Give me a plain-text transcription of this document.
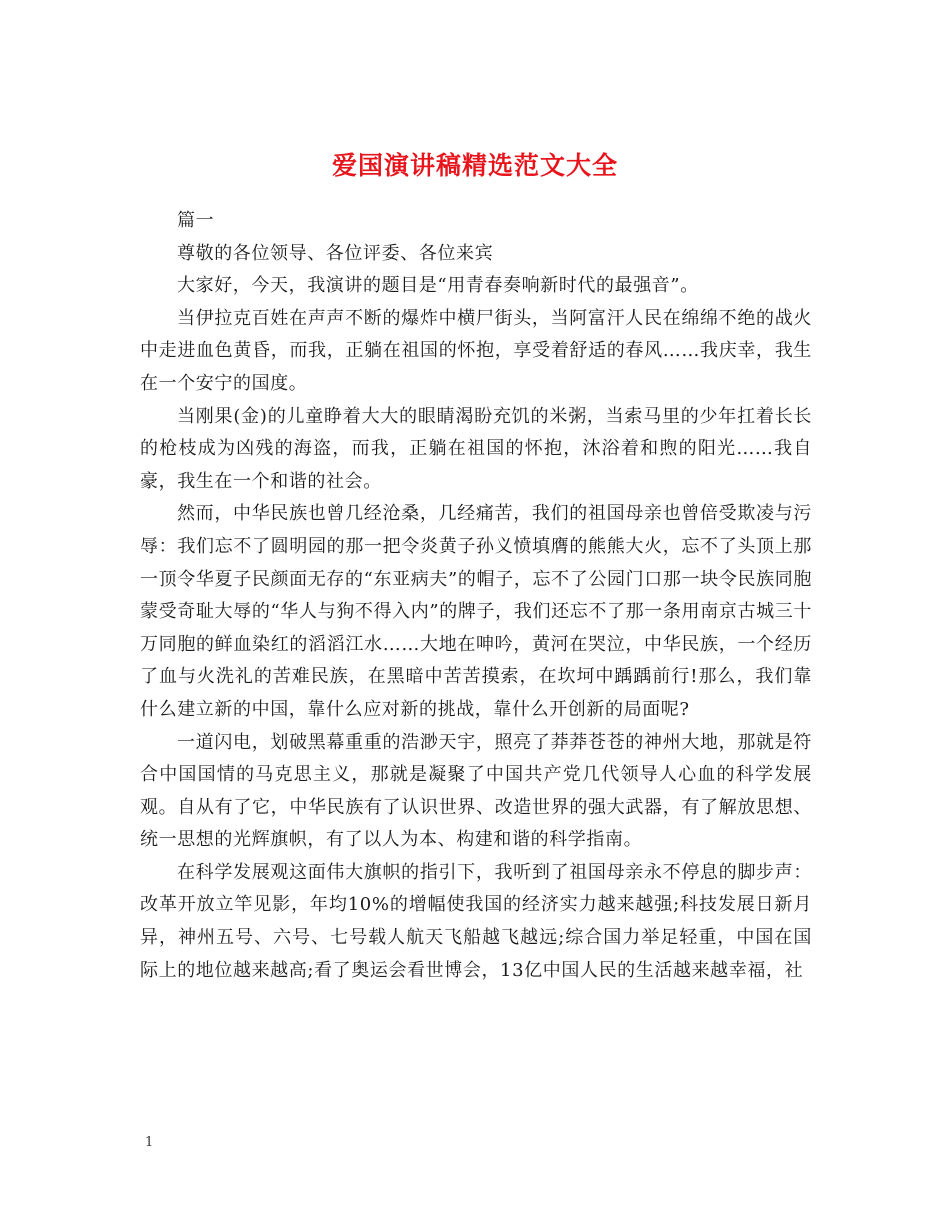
爱国演讲稿精选范文大全

篇一

尊敬的各位领导、各位评委、各位来宾

大家好，今天，我演讲的题目是“用青春奏响新时代的最强音”。

当伊拉克百姓在声声不断的爆炸中横尸街头，当阿富汗人民在绵绵不绝的战火中走进血色黄昏，而我，正躺在祖国的怀抱，享受着舒适的春风……我庆幸，我生在一个安宁的国度。

当刚果(金)的儿童睁着大大的眼睛渴盼充饥的米粥，当索马里的少年扛着长长的枪枝成为凶残的海盗，而我，正躺在祖国的怀抱，沐浴着和煦的阳光……我自豪，我生在一个和谐的社会。

然而，中华民族也曾几经沧桑，几经痛苦，我们的祖国母亲也曾倍受欺凌与污辱：我们忘不了圆明园的那一把令炎黄子孙义愤填膺的熊熊大火，忘不了头顶上那一顶令华夏子民颜面无存的“东亚病夫”的帽子，忘不了公园门口那一块令民族同胞蒙受奇耻大辱的“华人与狗不得入内”的牌子，我们还忘不了那一条用南京古城三十万同胞的鲜血染红的滔滔江水……大地在呻吟，黄河在哭泣，中华民族，一个经历了血与火洗礼的苦难民族，在黑暗中苦苦摸索，在坎坷中踽踽前行!那么，我们靠什么建立新的中国，靠什么应对新的挑战，靠什么开创新的局面呢?

一道闪电，划破黑幕重重的浩渺天宇，照亮了莽莽苍苍的神州大地，那就是符合中国国情的马克思主义，那就是凝聚了中国共产党几代领导人心血的科学发展观。自从有了它，中华民族有了认识世界、改造世界的强大武器，有了解放思想、统一思想的光辉旗帜，有了以人为本、构建和谐的科学指南。

在科学发展观这面伟大旗帜的指引下，我听到了祖国母亲永不停息的脚步声：改革开放立竿见影，年均10%的增幅使我国的经济实力越来越强;科技发展日新月异，神州五号、六号、七号载人航天飞船越飞越远;综合国力举足轻重，中国在国际上的地位越来越高;看了奥运会看世博会，13亿中国人民的生活越来越幸福，社

1
